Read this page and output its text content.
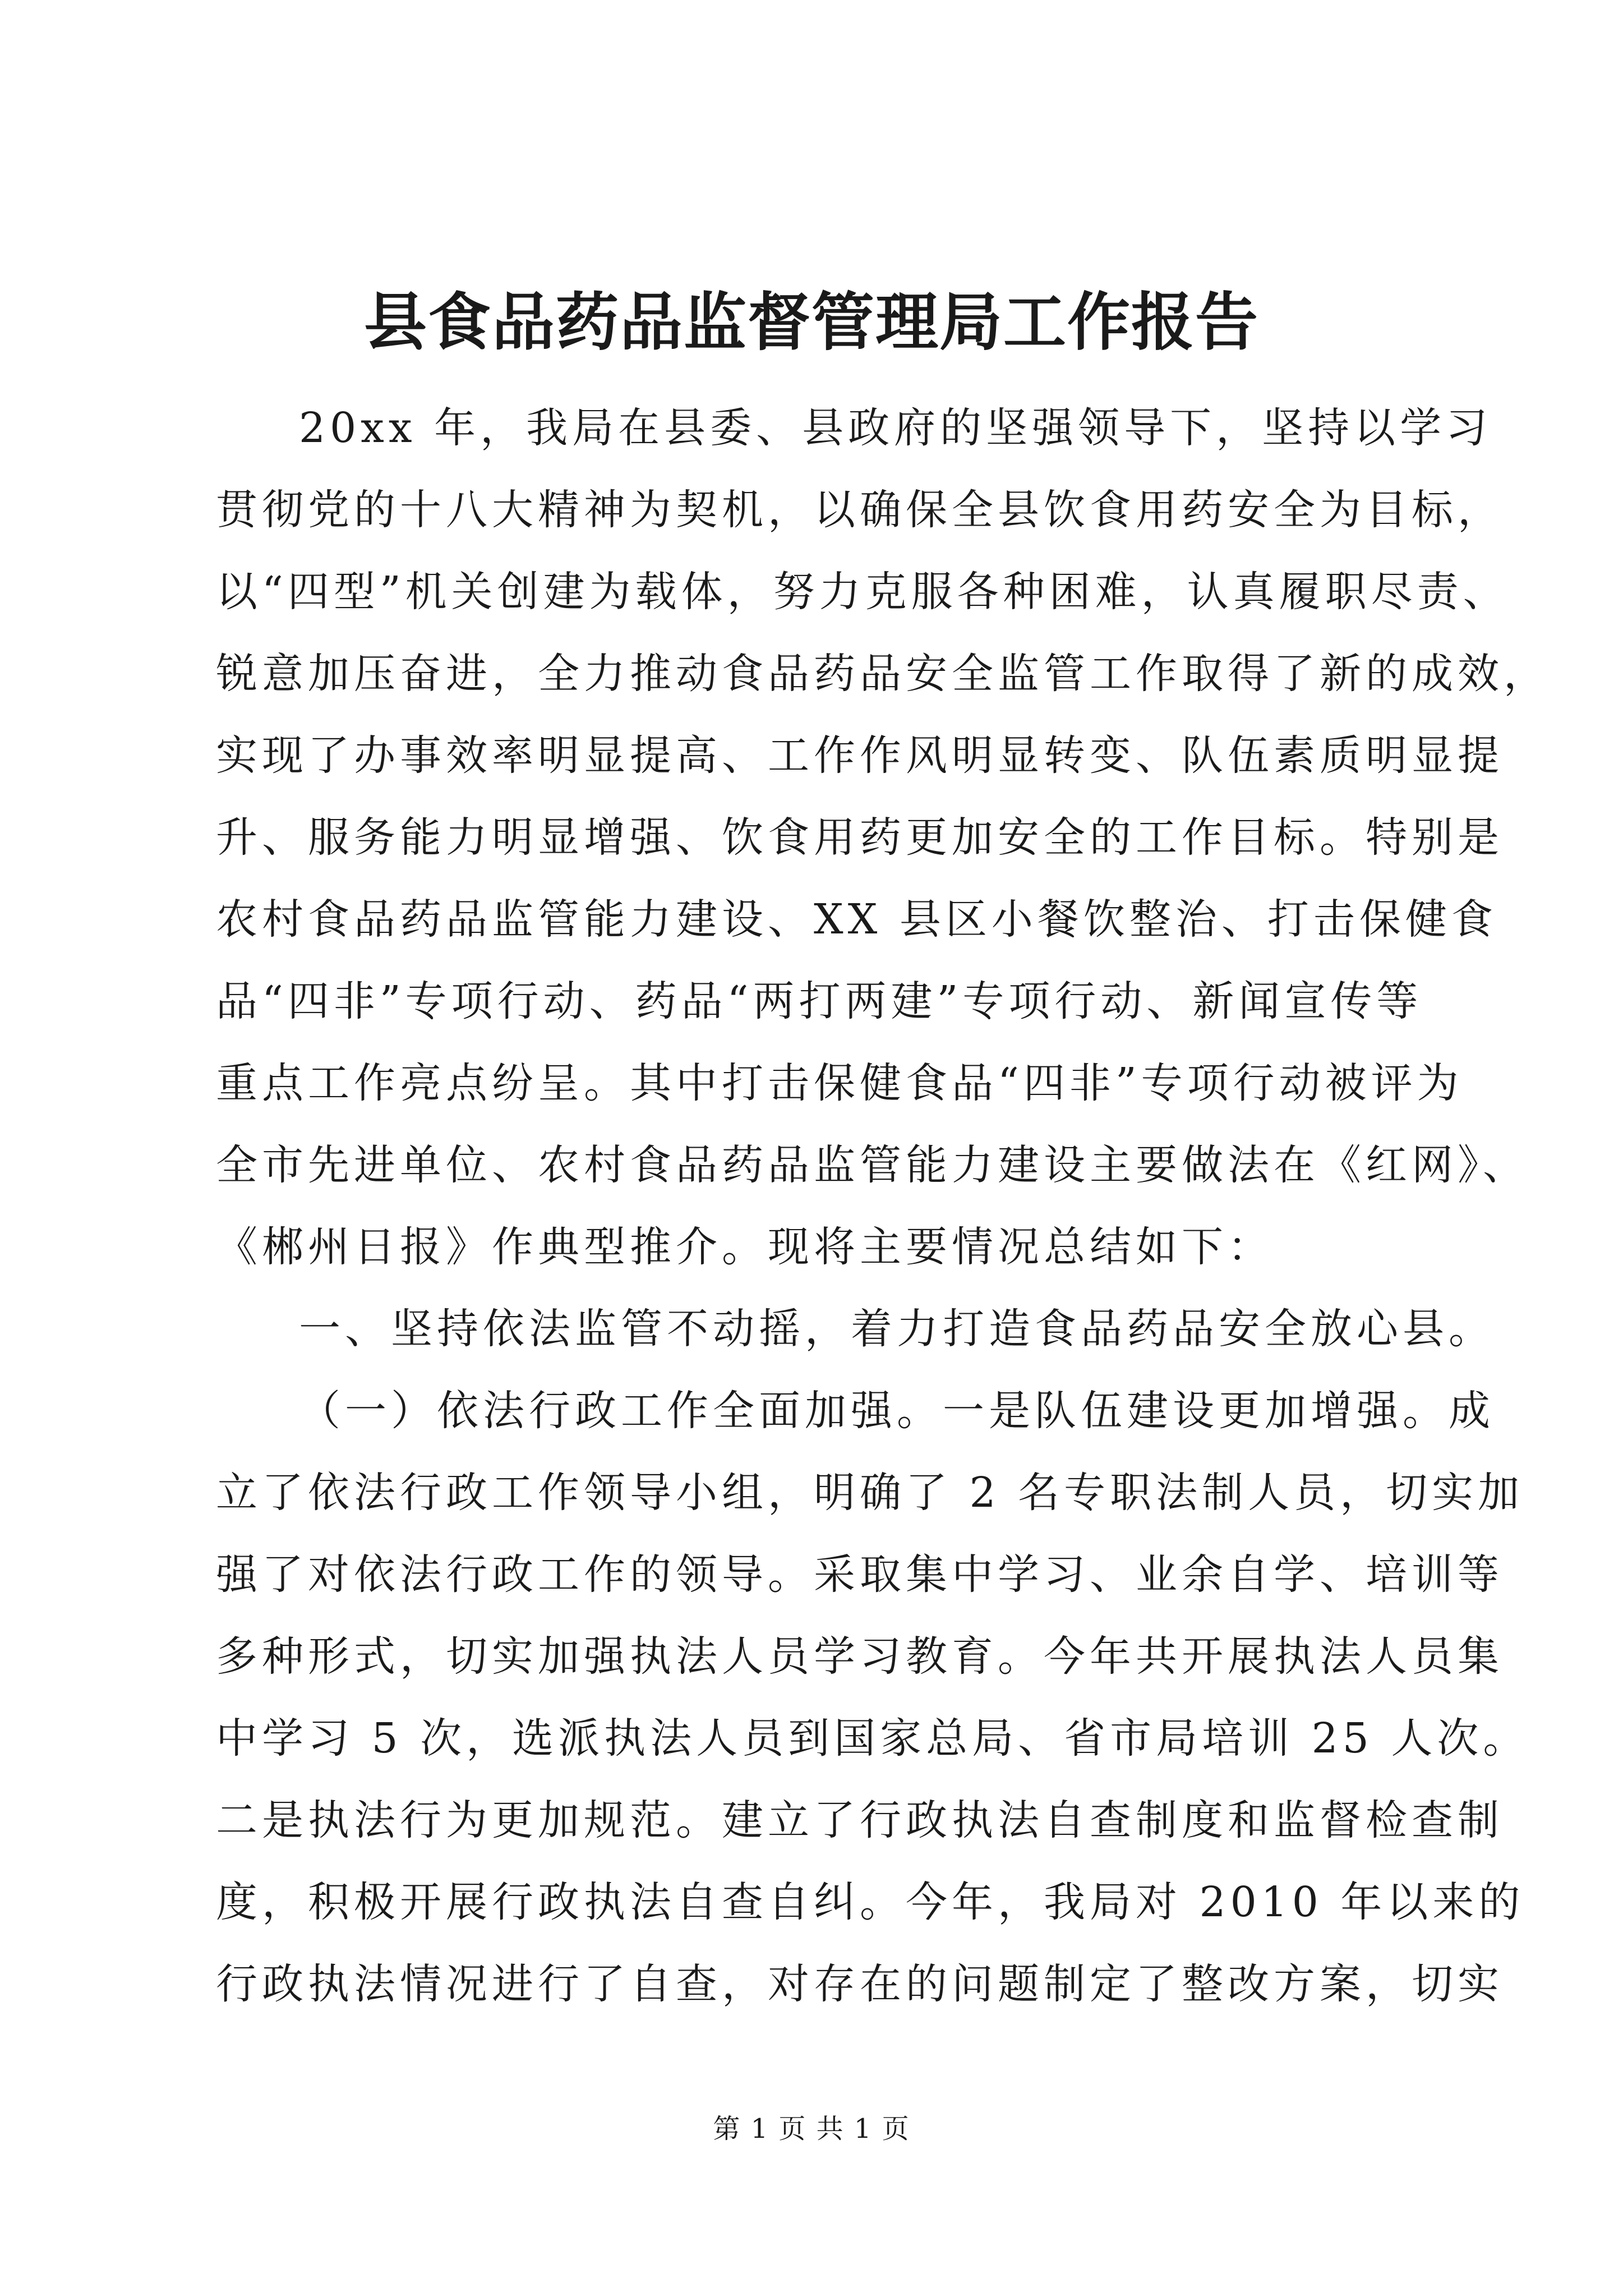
县食品药品监督管理局工作报告
20xx 年，我局在县委、县政府的坚强领导下，坚持以学习
贯彻党的十八大精神为契机，以确保全县饮食用药安全为目标，
以“四型”机关创建为载体，努力克服各种困难，认真履职尽责、
锐意加压奋进，全力推动食品药品安全监管工作取得了新的成效，
实现了办事效率明显提高、工作作风明显转变、队伍素质明显提
升、服务能力明显增强、饮食用药更加安全的工作目标。特别是
农村食品药品监管能力建设、XX 县区小餐饮整治、打击保健食
品“四非”专项行动、药品“两打两建”专项行动、新闻宣传等
重点工作亮点纷呈。其中打击保健食品“四非”专项行动被评为
全市先进单位、农村食品药品监管能力建设主要做法在《红网》、
《郴州日报》作典型推介。现将主要情况总结如下：
一、坚持依法监管不动摇，着力打造食品药品安全放心县。
（一）依法行政工作全面加强。一是队伍建设更加增强。成
立了依法行政工作领导小组，明确了 2 名专职法制人员，切实加
强了对依法行政工作的领导。采取集中学习、业余自学、培训等
多种形式，切实加强执法人员学习教育。今年共开展执法人员集
中学习 5 次，选派执法人员到国家总局、省市局培训 25 人次。
二是执法行为更加规范。建立了行政执法自查制度和监督检查制
度，积极开展行政执法自查自纠。今年，我局对 2010 年以来的
行政执法情况进行了自查，对存在的问题制定了整改方案，切实
第 1 页 共 1 页
